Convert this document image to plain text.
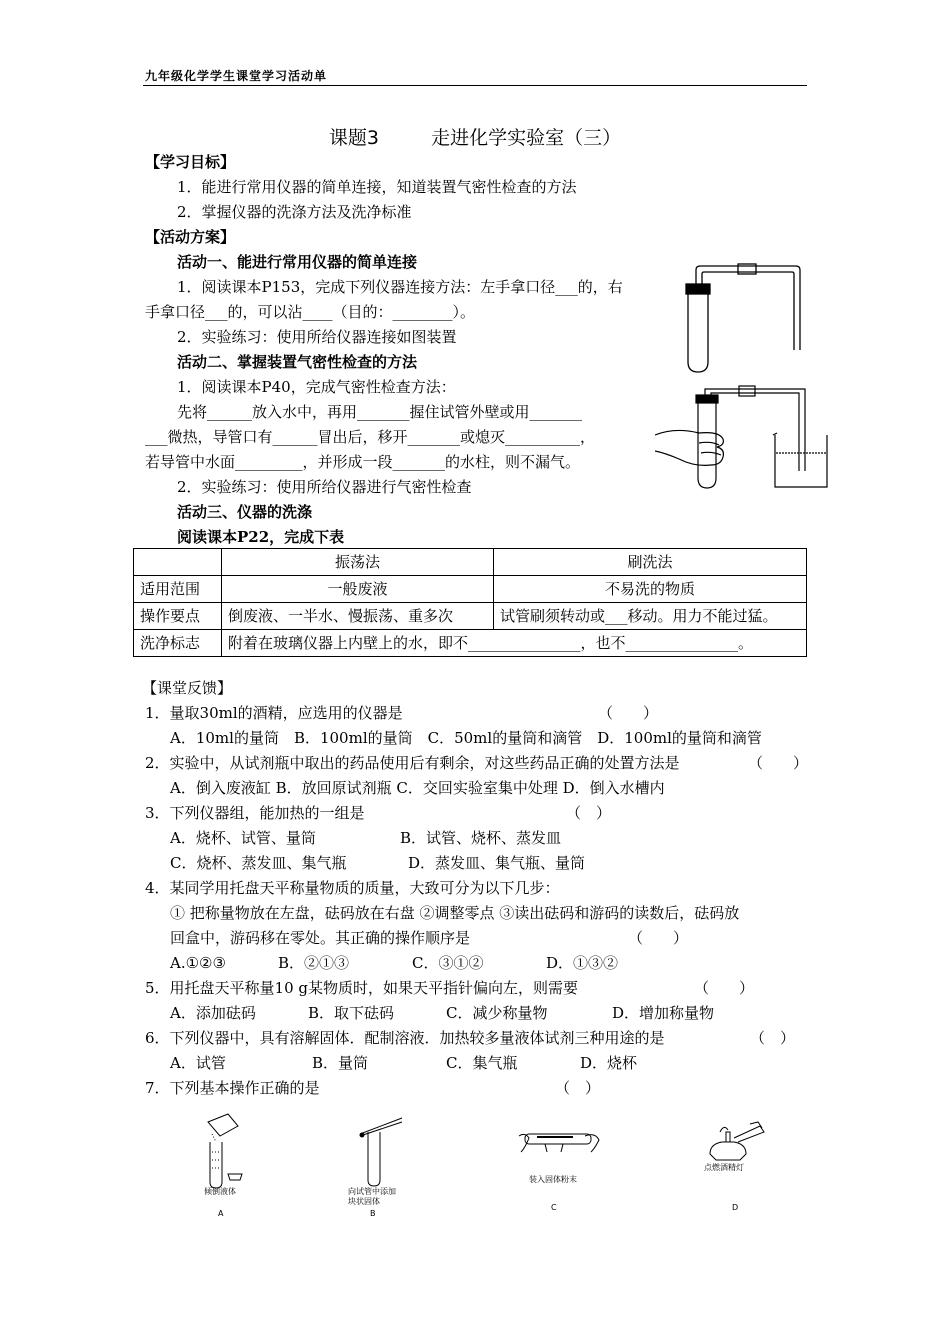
九年级化学学生课堂学习活动单
课题3	走进化学实验室（三）
【学习目标】
1．能进行常用仪器的简单连接，知道装置气密性检查的方法
2．掌握仪器的洗涤方法及洗净标准
【活动方案】
活动一、能进行常用仪器的简单连接
1．阅读课本P153，完成下列仪器连接方法：左手拿口径___的，右
手拿口径___的，可以沾____（目的：________）。
2．实验练习：使用所给仪器连接如图装置
活动二、掌握装置气密性检查的方法
1．阅读课本P40，完成气密性检查方法：
先将______放入水中，再用_______握住试管外壁或用_______
___微热，导管口有______冒出后，移开_______或熄灭__________，
若导管中水面_________，并形成一段_______的水柱，则不漏气。
2．实验练习：使用所给仪器进行气密性检查
活动三、仪器的洗涤
阅读课本P22，完成下表
	振荡法	刷洗法
适用范围	一般废液	不易洗的物质
操作要点	倒废液、一半水、慢振荡、重多次	试管刷须转动或___移动。用力不能过猛。
洗净标志	附着在玻璃仪器上内壁上的水，即不_______________，也不_______________。	
【课堂反馈】
1．量取30ml的酒精，应选用的仪器是	（　　）
A．10ml的量筒　B．100ml的量筒　C．50ml的量筒和滴管　D．100ml的量筒和滴管
2．实验中，从试剂瓶中取出的药品使用后有剩余，对这些药品正确的处置方法是	（　　）
A．倒入废液缸 B．放回原试剂瓶 C．交回实验室集中处理 D．倒入水槽内
3．下列仪器组，能加热的一组是	（　）
A．烧杯、试管、量筒	B．试管、烧杯、蒸发皿
C．烧杯、蒸发皿、集气瓶	D．蒸发皿、集气瓶、量筒
4．某同学用托盘天平称量物质的质量，大致可分为以下几步：
① 把称量物放在左盘，砝码放在右盘 ②调整零点 ③读出砝码和游码的读数后，砝码放
回盒中，游码移在零处。其正确的操作顺序是	（　　）
A.①②③	B．②①③	C．③①②	D．①③②
5．用托盘天平称量10 g某物质时，如果天平指针偏向左，则需要	（　　）
A．添加砝码	B．取下砝码	C．减少称量物	D．增加称量物
6．下列仪器中，具有溶解固体．配制溶液．加热较多量液体试剂三种用途的是	（　）
A．试管	B．量筒	C．集气瓶	D．烧杯
7．下列基本操作正确的是	（　）
倾倒液体
A
向试管中添加
块状固体
B
装入固体粉末
C
点燃酒精灯
D
